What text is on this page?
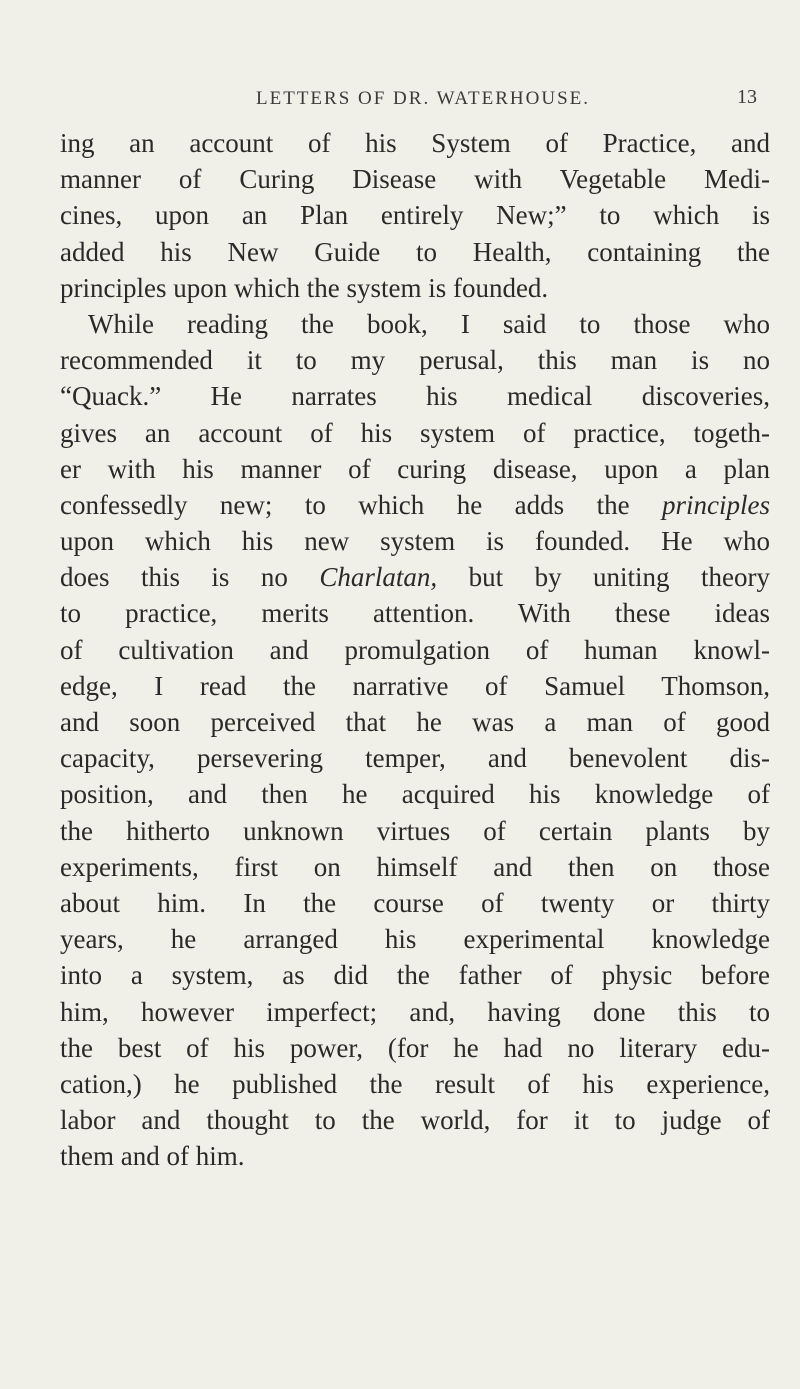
LETTERS OF DR. WATERHOUSE.	13
ing an account of his System of Practice, and
manner of Curing Disease with Vegetable Medi-
cines, upon an Plan entirely New;” to which is
added his New Guide to Health, containing the
principles upon which the system is founded.
While reading the book, I said to those who
recommended it to my perusal, this man is no
“Quack.” He narrates his medical discoveries,
gives an account of his system of practice, togeth-
er with his manner of curing disease, upon a plan
confessedly new; to which he adds the principles
upon which his new system is founded. He who
does this is no Charlatan, but by uniting theory
to practice, merits attention. With these ideas
of cultivation and promulgation of human knowl-
edge, I read the narrative of Samuel Thomson,
and soon perceived that he was a man of good
capacity, persevering temper, and benevolent dis-
position, and then he acquired his knowledge of
the hitherto unknown virtues of certain plants by
experiments, first on himself and then on those
about him. In the course of twenty or thirty
years, he arranged his experimental knowledge
into a system, as did the father of physic before
him, however imperfect; and, having done this to
the best of his power, (for he had no literary edu-
cation,) he published the result of his experience,
labor and thought to the world, for it to judge of
them and of him.
